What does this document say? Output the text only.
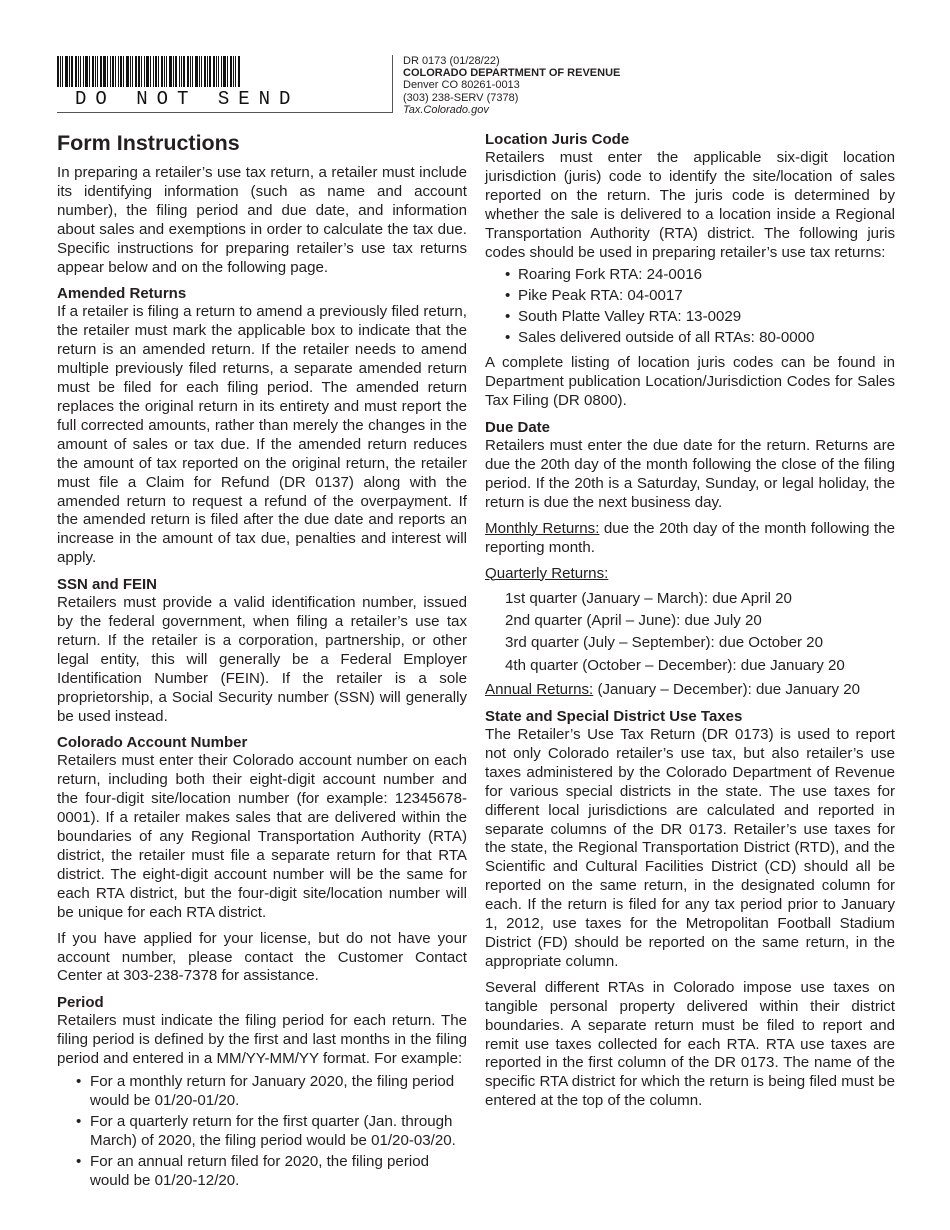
DO NOT SEND
DR 0173 (01/28/22)
COLORADO DEPARTMENT OF REVENUE
Denver CO 80261-0013
(303) 238-SERV (7378)
Tax.Colorado.gov
Form Instructions

In preparing a retailer’s use tax return, a retailer must include its identifying information (such as name and account number), the filing period and due date, and information about sales and exemptions in order to calculate the tax due. Specific instructions for preparing retailer’s use tax returns appear below and on the following page.

Amended Returns

If a retailer is filing a return to amend a previously filed return, the retailer must mark the applicable box to indicate that the return is an amended return. If the retailer needs to amend multiple previously filed returns, a separate amended return must be filed for each filing period. The amended return replaces the original return in its entirety and must report the full corrected amounts, rather than merely the changes in the amount of sales or tax due. If the amended return reduces the amount of tax reported on the original return, the retailer must file a Claim for Refund (DR 0137) along with the amended return to request a refund of the overpayment. If the amended return is filed after the due date and reports an increase in the amount of tax due, penalties and interest will apply.

SSN and FEIN

Retailers must provide a valid identification number, issued by the federal government, when filing a retailer’s use tax return. If the retailer is a corporation, partnership, or other legal entity, this will generally be a Federal Employer Identification Number (FEIN). If the retailer is a sole proprietorship, a Social Security number (SSN) will generally be used instead.

Colorado Account Number

Retailers must enter their Colorado account number on each return, including both their eight-digit account number and the four-digit site/location number (for example: 12345678-0001). If a retailer makes sales that are delivered within the boundaries of any Regional Transportation Authority (RTA) district, the retailer must file a separate return for that RTA district. The eight-digit account number will be the same for each RTA district, but the four-digit site/location number will be unique for each RTA district.

If you have applied for your license, but do not have your account number, please contact the Customer Contact Center at 303-238-7378 for assistance.

Period

Retailers must indicate the filing period for each return. The filing period is defined by the first and last months in the filing period and entered in a MM/YY-MM/YY format. For example:

• For a monthly return for January 2020, the filing period would be 01/20-01/20.
• For a quarterly return for the first quarter (Jan. through March) of 2020, the filing period would be 01/20-03/20.
• For an annual return filed for 2020, the filing period would be 01/20-12/20.
Location Juris Code

Retailers must enter the applicable six-digit location jurisdiction (juris) code to identify the site/location of sales reported on the return. The juris code is determined by whether the sale is delivered to a location inside a Regional Transportation Authority (RTA) district. The following juris codes should be used in preparing retailer’s use tax returns:

• Roaring Fork RTA: 24-0016
• Pike Peak RTA: 04-0017
• South Platte Valley RTA: 13-0029
• Sales delivered outside of all RTAs: 80-0000

A complete listing of location juris codes can be found in Department publication Location/Jurisdiction Codes for Sales Tax Filing (DR 0800).

Due Date

Retailers must enter the due date for the return. Returns are due the 20th day of the month following the close of the filing period. If the 20th is a Saturday, Sunday, or legal holiday, the return is due the next business day.

Monthly Returns: due the 20th day of the month following the reporting month.

Quarterly Returns:

1st quarter (January – March): due April 20
2nd quarter (April – June): due July 20
3rd quarter (July – September): due October 20
4th quarter (October – December): due January 20

Annual Returns: (January – December): due January 20

State and Special District Use Taxes

The Retailer’s Use Tax Return (DR 0173) is used to report not only Colorado retailer’s use tax, but also retailer’s use taxes administered by the Colorado Department of Revenue for various special districts in the state. The use taxes for different local jurisdictions are calculated and reported in separate columns of the DR 0173. Retailer’s use taxes for the state, the Regional Transportation District (RTD), and the Scientific and Cultural Facilities District (CD) should all be reported on the same return, in the designated column for each. If the return is filed for any tax period prior to January 1, 2012, use taxes for the Metropolitan Football Stadium District (FD) should be reported on the same return, in the appropriate column.

Several different RTAs in Colorado impose use taxes on tangible personal property delivered within their district boundaries. A separate return must be filed to report and remit use taxes collected for each RTA. RTA use taxes are reported in the first column of the DR 0173. The name of the specific RTA district for which the return is being filed must be entered at the top of the column.
